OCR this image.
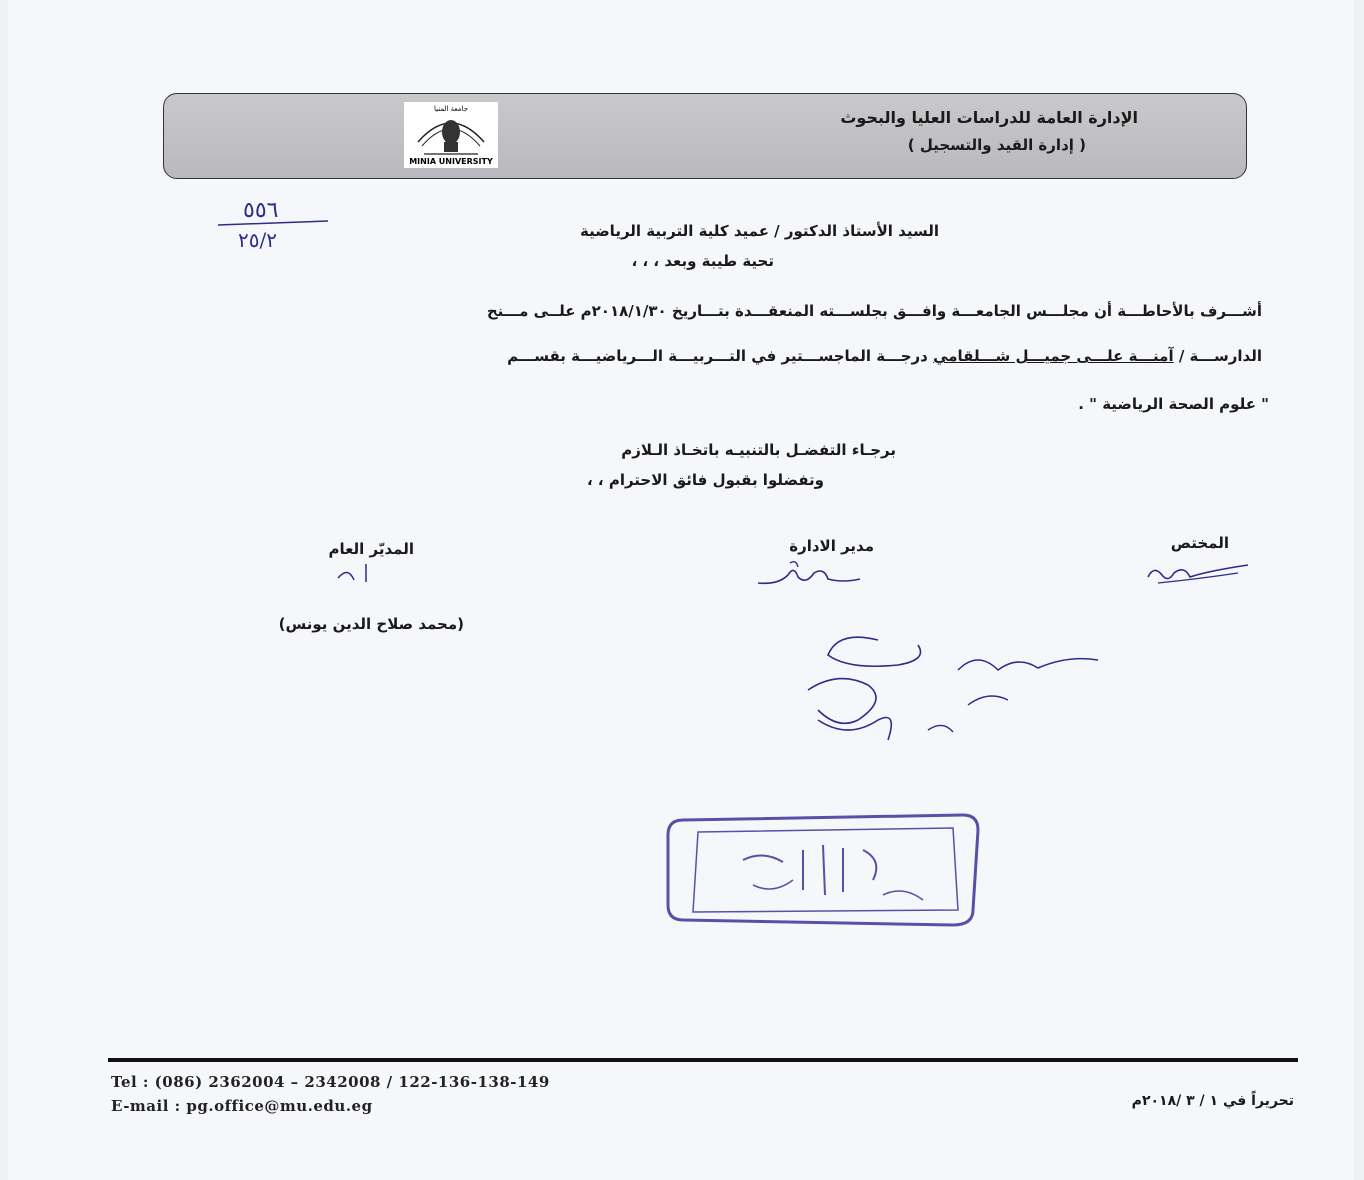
جامعة المنيا
MINIA UNIVERSITY
الإدارة العامة للدراسات العليا والبحوث
( إدارة القيد والتسجيل )
٥٥٦
٢٥/٢	السيد الأستاذ الدكتور / عميد كلية التربية الرياضية
تحية طيبة وبعد ، ، ،
أشـــرف بالأحاطـــة أن مجلـــس الجامعـــة وافـــق بجلســـته المنعقـــدة بتـــاريخ ٢٠١٨/١/٣٠م علــى مـــنح
الدارســـة / آمنـــة علـــى جميـــل شـــلقامي درجـــة الماجســـتير في التـــربيـــة الـــرياضيـــة بقســـم
" علوم الصحة الرياضية " .
برجـاء التفضـل بالتنبيـه باتخـاذ الـلازم
وتفضلوا بقبول فائق الاحترام ، ،
المختص
مدير الادارة
المديّر العام
(محمد صلاح الدين يونس)
Tel : (086) 2362004 – 2342008 / 122-136-138-149
E-mail : pg.office@mu.edu.eg	تحريراً في ١ / ٣ /٢٠١٨م
